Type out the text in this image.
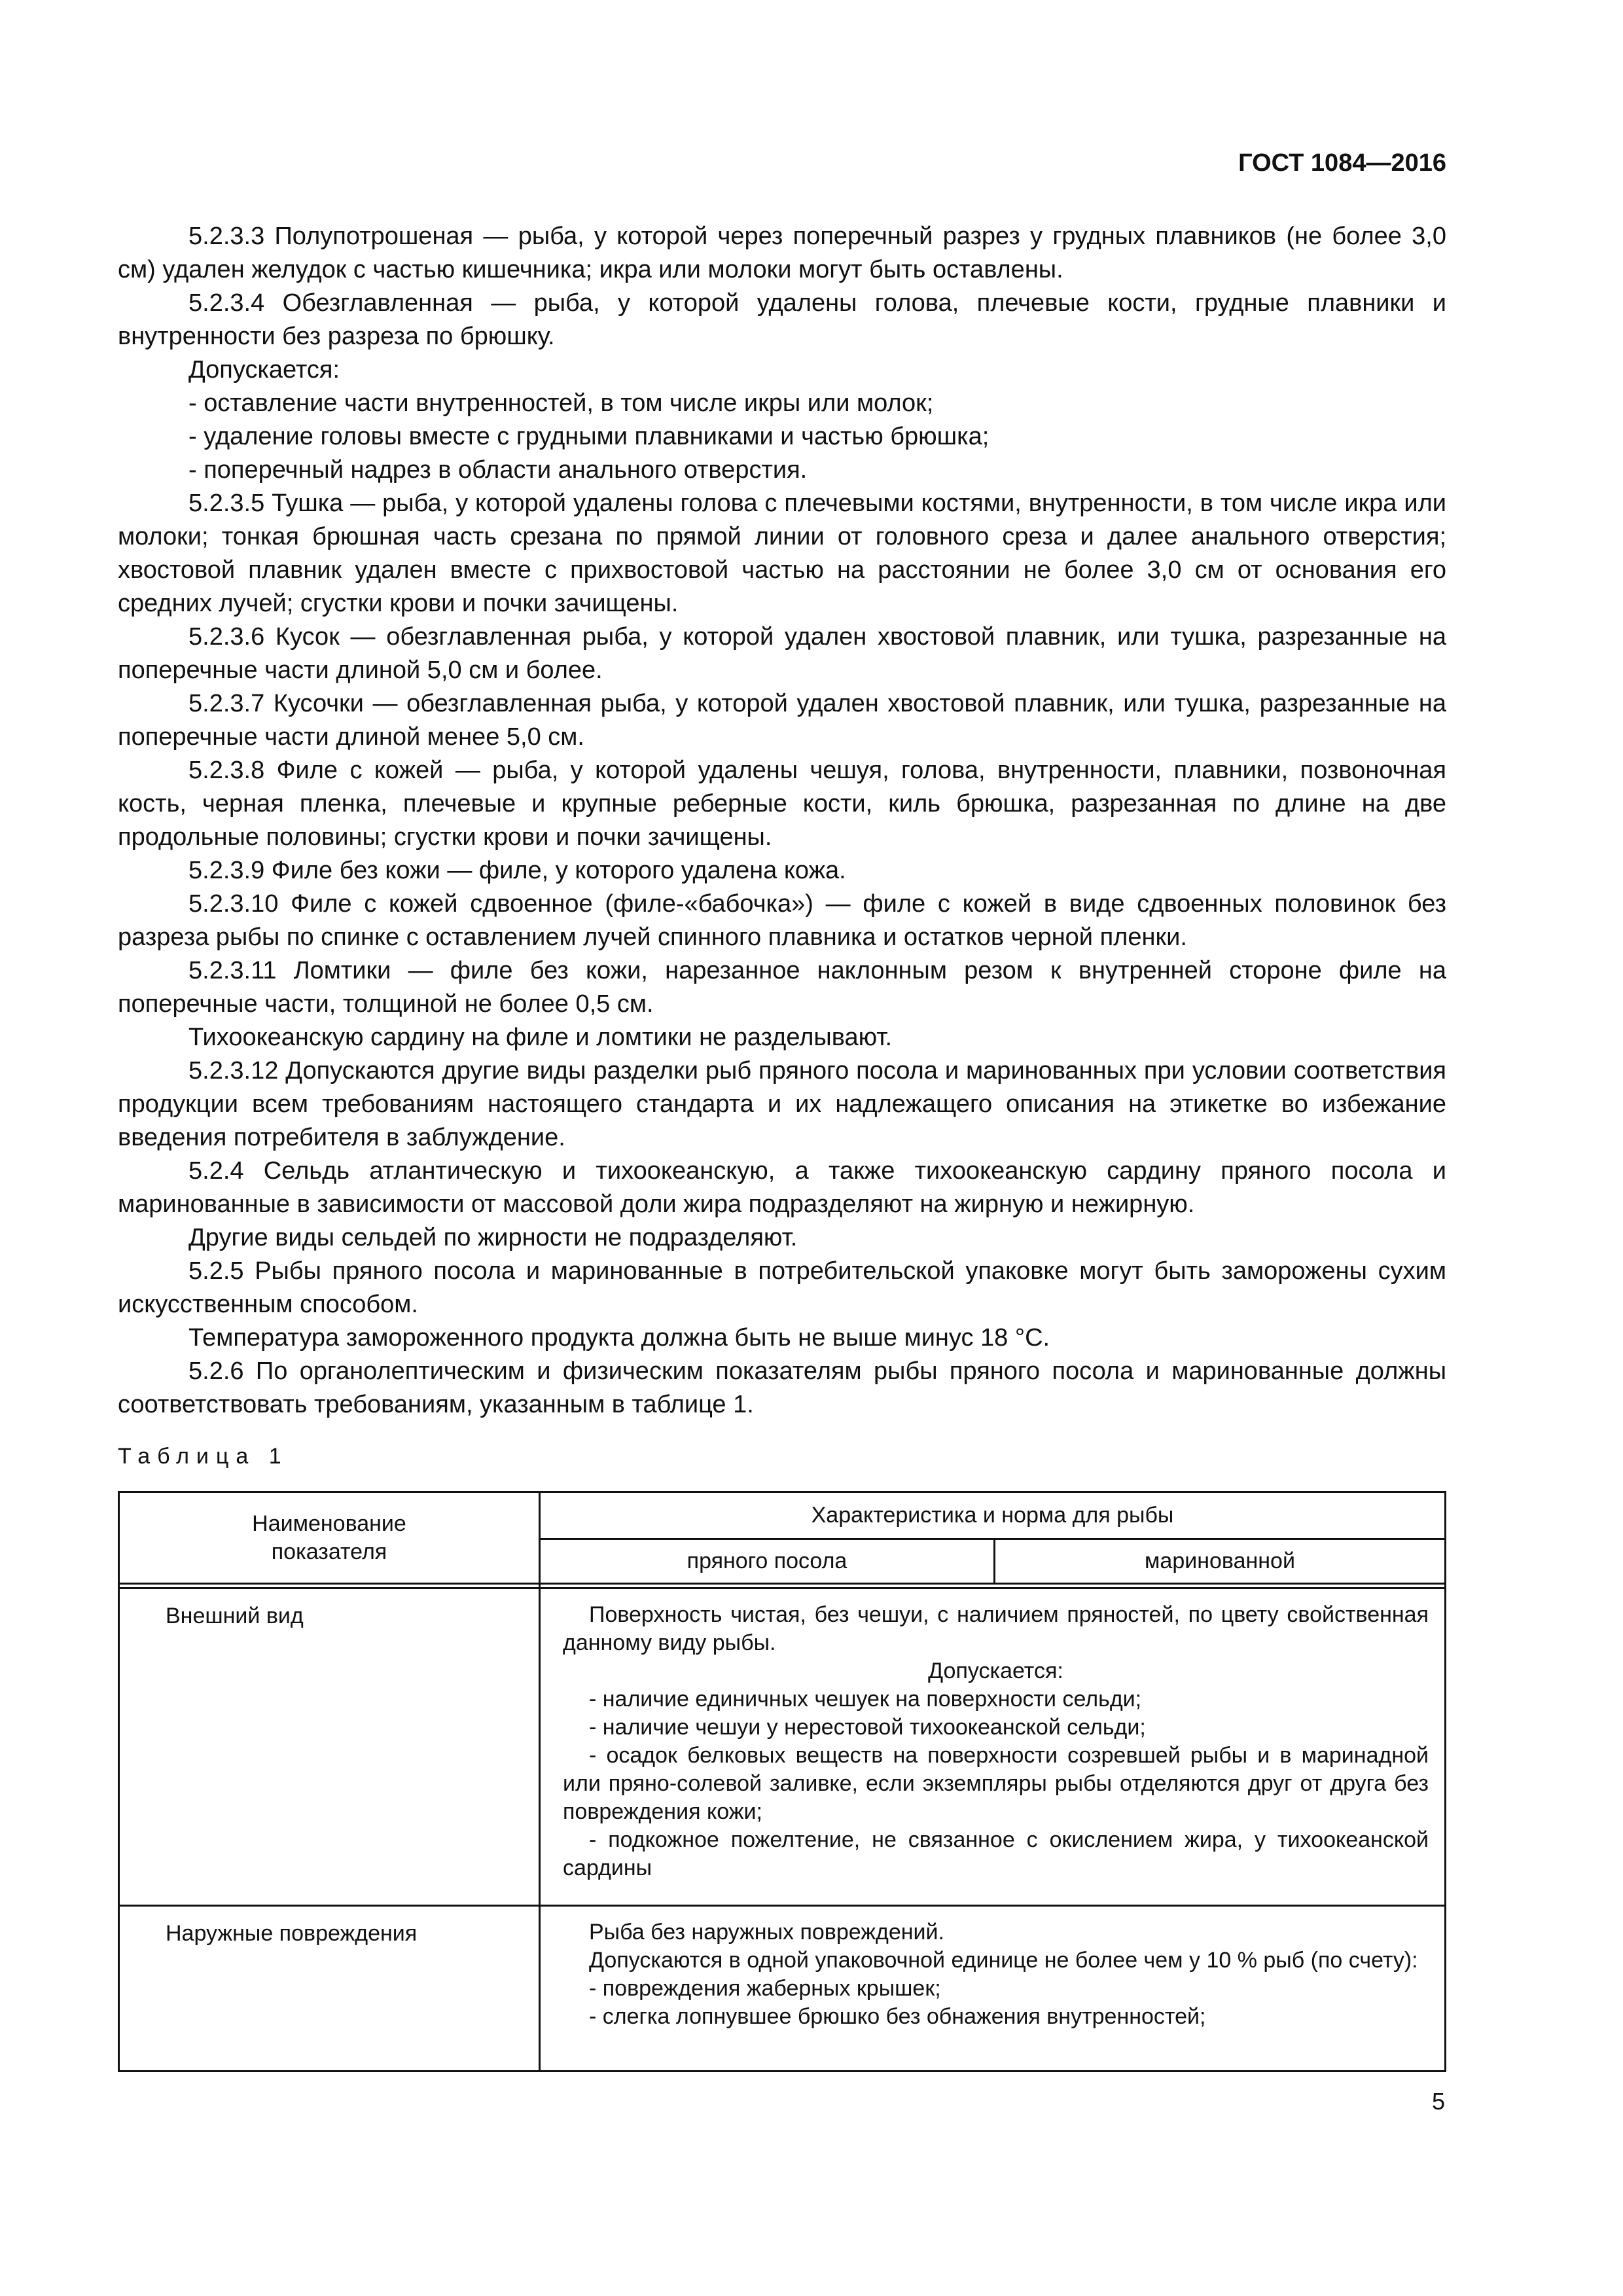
ГОСТ 1084—2016

5.2.3.3 Полупотрошеная — рыба, у которой через поперечный разрез у грудных плавников (не более 3,0 см) удален желудок с частью кишечника; икра или молоки могут быть оставлены.

5.2.3.4 Обезглавленная — рыба, у которой удалены голова, плечевые кости, грудные плавники и внутренности без разреза по брюшку.

Допускается:

- оставление части внутренностей, в том числе икры или молок;

- удаление головы вместе с грудными плавниками и частью брюшка;

- поперечный надрез в области анального отверстия.

5.2.3.5 Тушка — рыба, у которой удалены голова с плечевыми костями, внутренности, в том числе икра или молоки; тонкая брюшная часть срезана по прямой линии от головного среза и далее анального отверстия; хвостовой плавник удален вместе с прихвостовой частью на расстоянии не более 3,0 см от основания его средних лучей; сгустки крови и почки зачищены.

5.2.3.6 Кусок — обезглавленная рыба, у которой удален хвостовой плавник, или тушка, разрезанные на поперечные части длиной 5,0 см и более.

5.2.3.7 Кусочки — обезглавленная рыба, у которой удален хвостовой плавник, или тушка, разрезанные на поперечные части длиной менее 5,0 см.

5.2.3.8 Филе с кожей — рыба, у которой удалены чешуя, голова, внутренности, плавники, позвоночная кость, черная пленка, плечевые и крупные реберные кости, киль брюшка, разрезанная по длине на две продольные половины; сгустки крови и почки зачищены.

5.2.3.9 Филе без кожи — филе, у которого удалена кожа.

5.2.3.10 Филе с кожей сдвоенное (филе-«бабочка») — филе с кожей в виде сдвоенных половинок без разреза рыбы по спинке с оставлением лучей спинного плавника и остатков черной пленки.

5.2.3.11 Ломтики — филе без кожи, нарезанное наклонным резом к внутренней стороне филе на поперечные части, толщиной не более 0,5 см.

Тихоокеанскую сардину на филе и ломтики не разделывают.

5.2.3.12 Допускаются другие виды разделки рыб пряного посола и маринованных при условии соответствия продукции всем требованиям настоящего стандарта и их надлежащего описания на этикетке во избежание введения потребителя в заблуждение.

5.2.4 Сельдь атлантическую и тихоокеанскую, а также тихоокеанскую сардину пряного посола и маринованные в зависимости от массовой доли жира подразделяют на жирную и нежирную.

Другие виды сельдей по жирности не подразделяют.

5.2.5 Рыбы пряного посола и маринованные в потребительской упаковке могут быть заморожены сухим искусственным способом.

Температура замороженного продукта должна быть не выше минус 18 °С.

5.2.6 По органолептическим и физическим показателям рыбы пряного посола и маринованные должны соответствовать требованиям, указанным в таблице 1.

Таблица 1
Наименование показателя
Характеристика и норма для рыбы
пряного посола	маринованной
Внешний вид	Поверхность чистая, без чешуи, с наличием пряностей, по цвету свойственная данному виду рыбы.

Допускается:

- наличие единичных чешуек на поверхности сельди;

- наличие чешуи у нерестовой тихоокеанской сельди;

- осадок белковых веществ на поверхности созревшей рыбы и в маринадной или пряно-солевой заливке, если экземпляры рыбы отделяются друг от друга без повреждения кожи;

- подкожное пожелтение, не связанное с окислением жира, у тихоокеанской сардины

Наружные повреждения	Рыба без наружных повреждений.

Допускаются в одной упаковочной единице не более чем у 10 % рыб (по счету):

- повреждения жаберных крышек;

- слегка лопнувшее брюшко без обнажения внутренностей;

5
